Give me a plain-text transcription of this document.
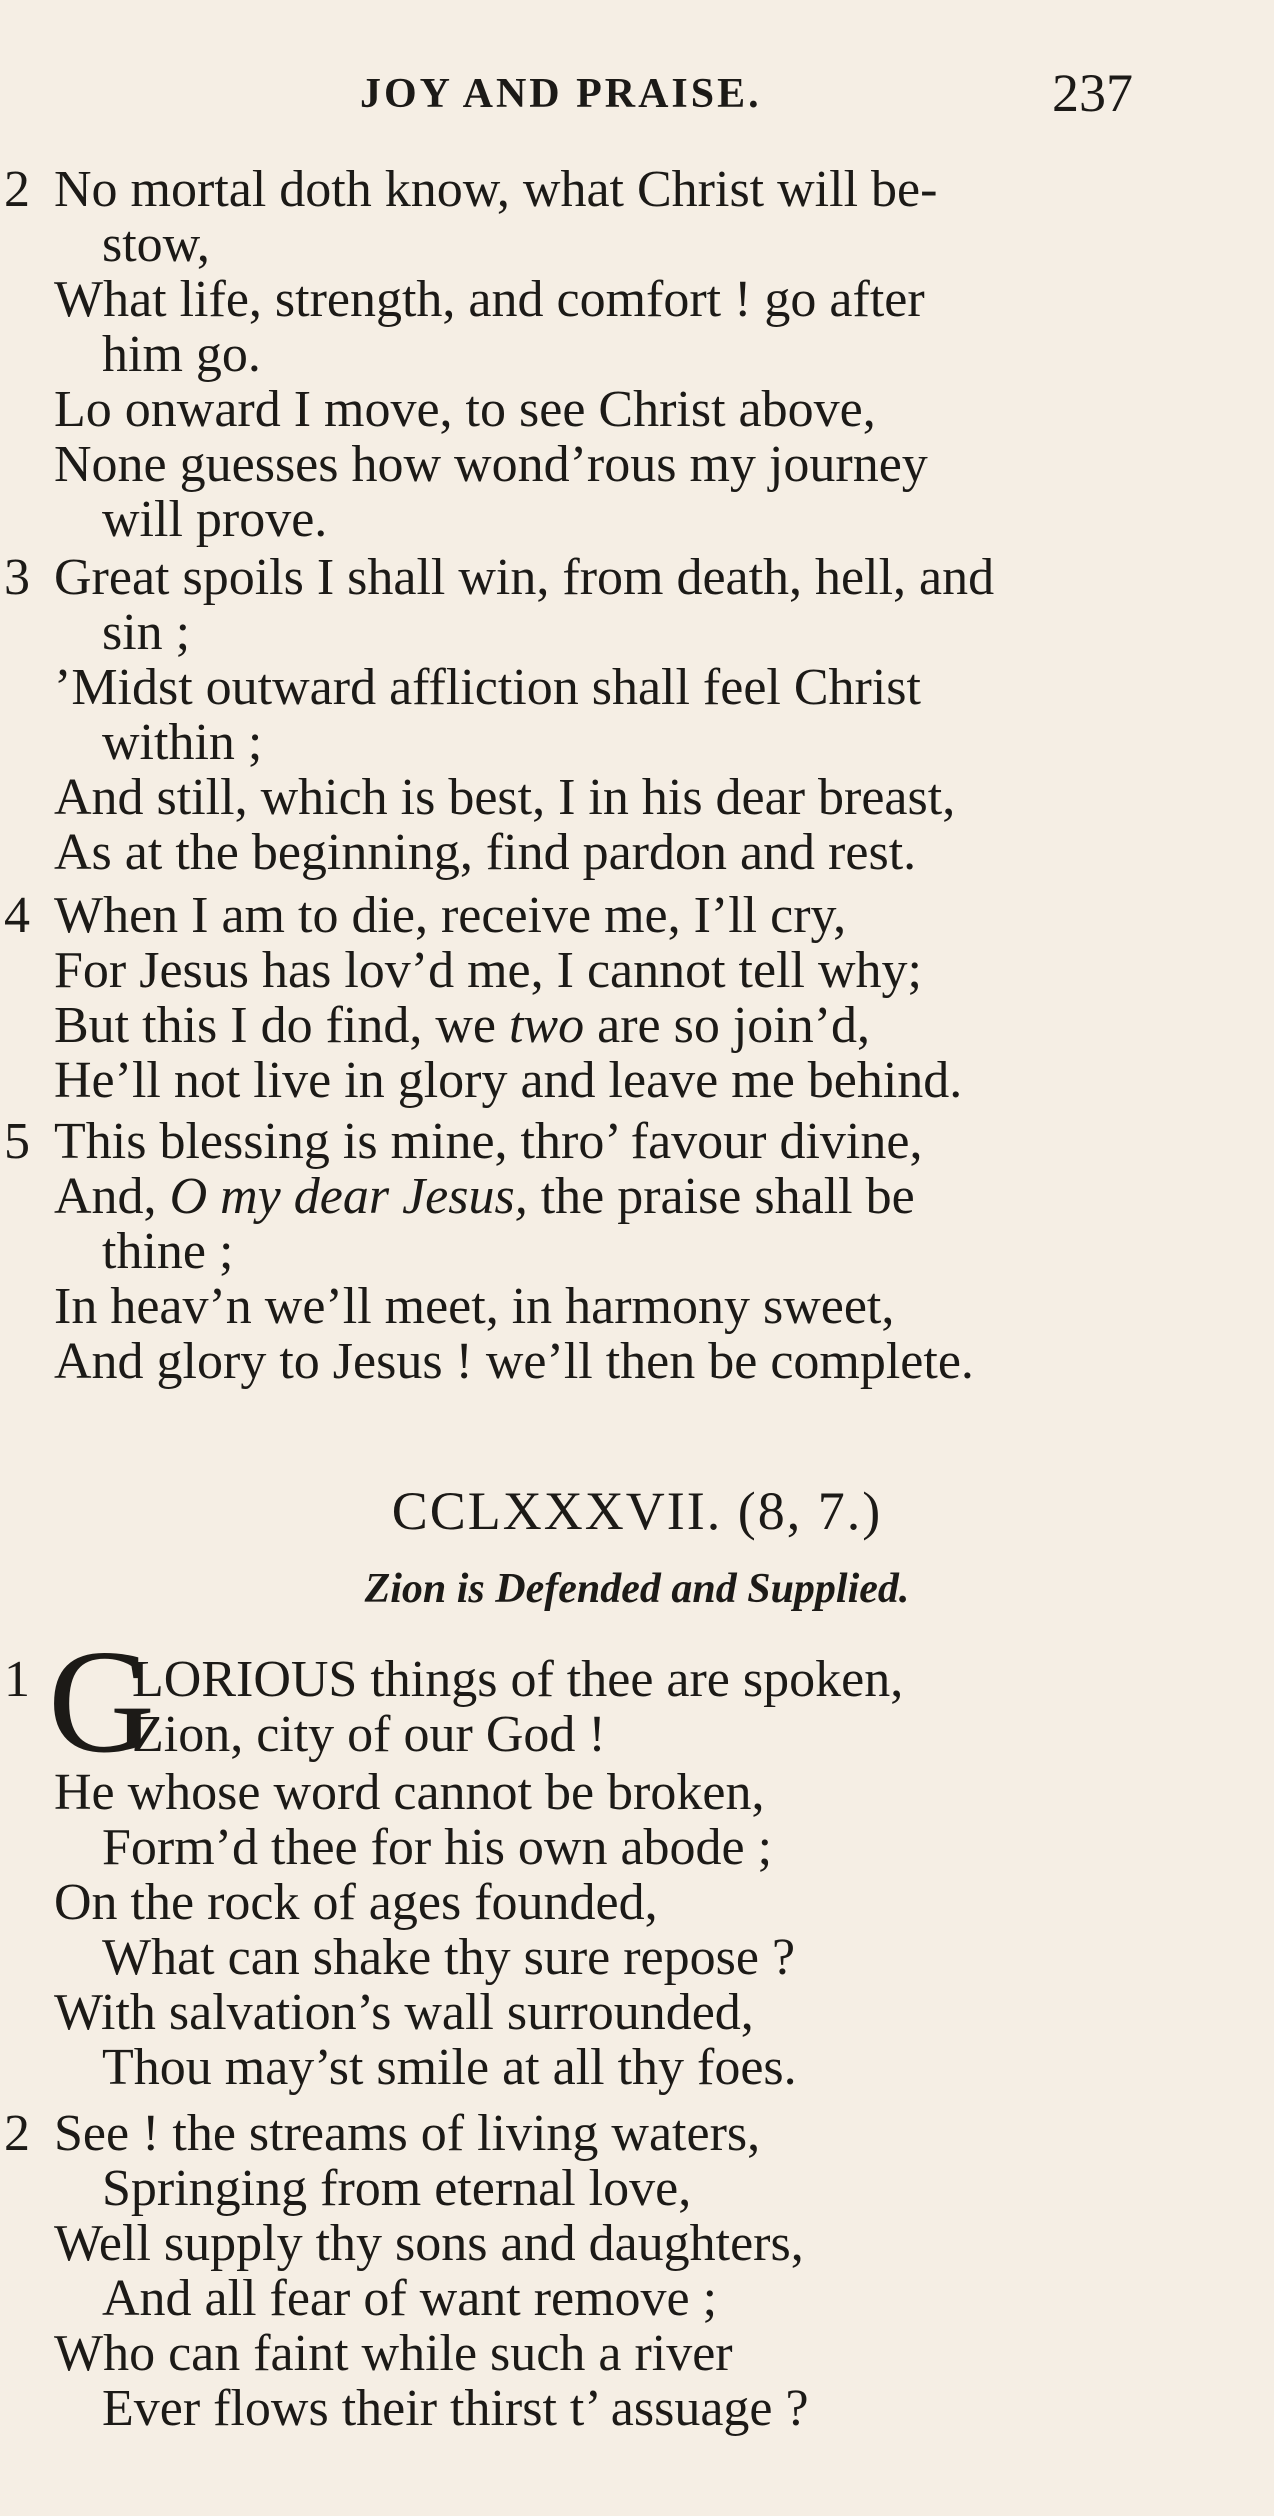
JOY AND PRAISE.	237
2 No mortal doth know, what Christ will be-
stow,
What life, strength, and comfort ! go after
him go.
Lo onward I move, to see Christ above,
None guesses how wond’rous my journey
will prove.
3 Great spoils I shall win, from death, hell, and
sin ;
’Midst outward affliction shall feel Christ
within ;
And still, which is best, I in his dear breast,
As at the beginning, find pardon and rest.
4 When I am to die, receive me, I’ll cry,
For Jesus has lov’d me, I cannot tell why;
But this I do find, we two are so join’d,
He’ll not live in glory and leave me behind.
5 This blessing is mine, thro’ favour divine,
And, O my dear Jesus, the praise shall be
thine ;
In heav’n we’ll meet, in harmony sweet,
And glory to Jesus ! we’ll then be complete.
CCLXXXVII. (8, 7.)
Zion is Defended and Supplied.
1 G
LORIOUS things of thee are spoken,
Zion, city of our God !
He whose word cannot be broken,
Form’d thee for his own abode ;
On the rock of ages founded,
What can shake thy sure repose ?
With salvation’s wall surrounded,
Thou may’st smile at all thy foes.
2 See ! the streams of living waters,
Springing from eternal love,
Well supply thy sons and daughters,
And all fear of want remove ;
Who can faint while such a river
Ever flows their thirst t’ assuage ?
